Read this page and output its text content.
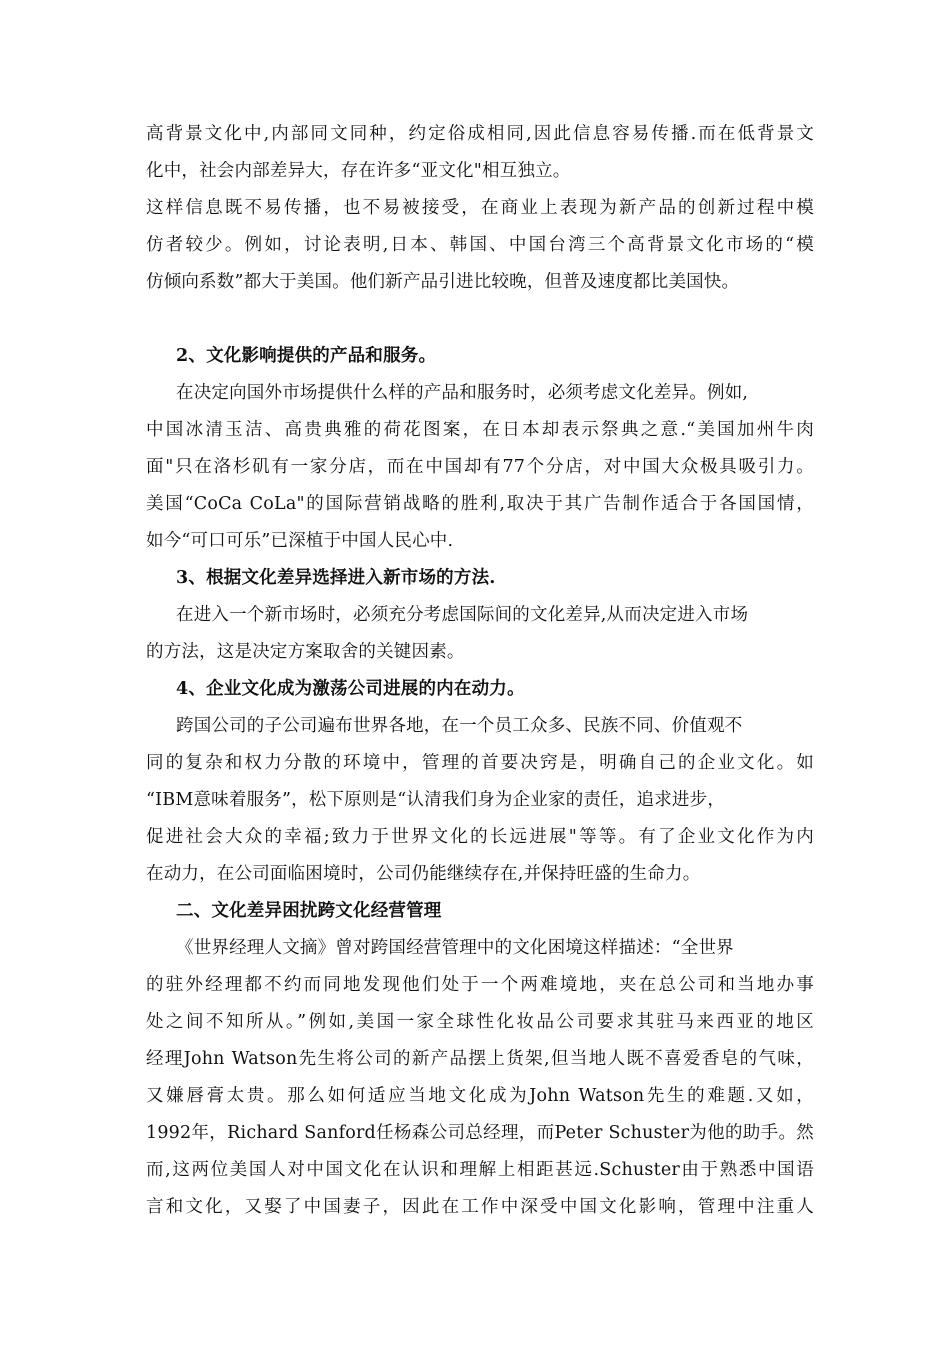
高背景文化中,内部同文同种，约定俗成相同,因此信息容易传播.而在低背景文
化中，社会内部差异大，存在许多“亚文化"相互独立。
这样信息既不易传播，也不易被接受，在商业上表现为新产品的创新过程中模
仿者较少。例如，讨论表明,日本、韩国、中国台湾三个高背景文化市场的“模
仿倾向系数”都大于美国。他们新产品引进比较晚，但普及速度都比美国快。
2、文化影响提供的产品和服务。
在决定向国外市场提供什么样的产品和服务时，必须考虑文化差异。例如,
中国冰清玉洁、高贵典雅的荷花图案，在日本却表示祭典之意.“美国加州牛肉
面"只在洛杉矶有一家分店，而在中国却有77个分店，对中国大众极具吸引力。
美国“CoCa CoLa"的国际营销战略的胜利,取决于其广告制作适合于各国国情，
如今“可口可乐”已深植于中国人民心中.
3、根据文化差异选择进入新市场的方法.
在进入一个新市场时，必须充分考虑国际间的文化差异,从而决定进入市场
的方法，这是决定方案取舍的关键因素。
4、企业文化成为激荡公司进展的内在动力。
跨国公司的子公司遍布世界各地，在一个员工众多、民族不同、价值观不
同的复杂和权力分散的环境中，管理的首要决窍是，明确自己的企业文化。如
“IBM意味着服务”，松下原则是“认清我们身为企业家的责任，追求进步，
促进社会大众的幸福;致力于世界文化的长远进展"等等。有了企业文化作为内
在动力，在公司面临困境时，公司仍能继续存在,并保持旺盛的生命力。
二、文化差异困扰跨文化经营管理
《世界经理人文摘》曾对跨国经营管理中的文化困境这样描述：“全世界
的驻外经理都不约而同地发现他们处于一个两难境地，夹在总公司和当地办事
处之间不知所从。”例如,美国一家全球性化妆品公司要求其驻马来西亚的地区
经理John Watson先生将公司的新产品摆上货架,但当地人既不喜爱香皂的气味，
又嫌唇膏太贵。那么如何适应当地文化成为John Watson先生的难题.又如，
1992年，Richard Sanford任杨森公司总经理，而Peter Schuster为他的助手。然
而,这两位美国人对中国文化在认识和理解上相距甚远.Schuster由于熟悉中国语
言和文化，又娶了中国妻子，因此在工作中深受中国文化影响，管理中注重人
